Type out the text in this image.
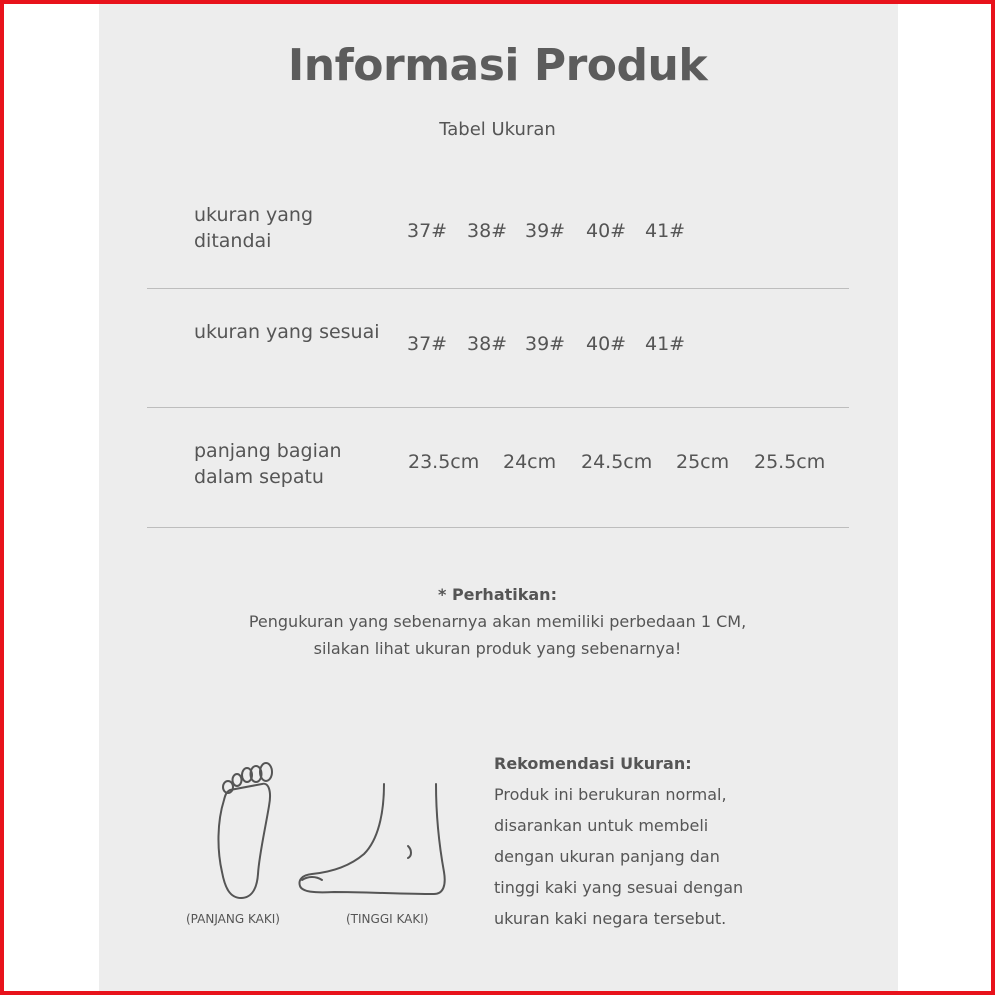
Informasi Produk
Tabel Ukuran
ukuran yang ditandai	37# 38# 39# 40# 41#
ukuran yang sesuai
37# 38# 39# 40# 41#
panjang bagian dalam sepatu
23.5cm 24cm 24.5cm 25cm 25.5cm
* Perhatikan:
Pengukuran yang sebenarnya akan memiliki perbedaan 1 CM,
silakan lihat ukuran produk yang sebenarnya!
(PANJANG KAKI)	(TINGGI KAKI)
Rekomendasi Ukuran:
Produk ini berukuran normal,
disarankan untuk membeli
dengan ukuran panjang dan
tinggi kaki yang sesuai dengan
ukuran kaki negara tersebut.
